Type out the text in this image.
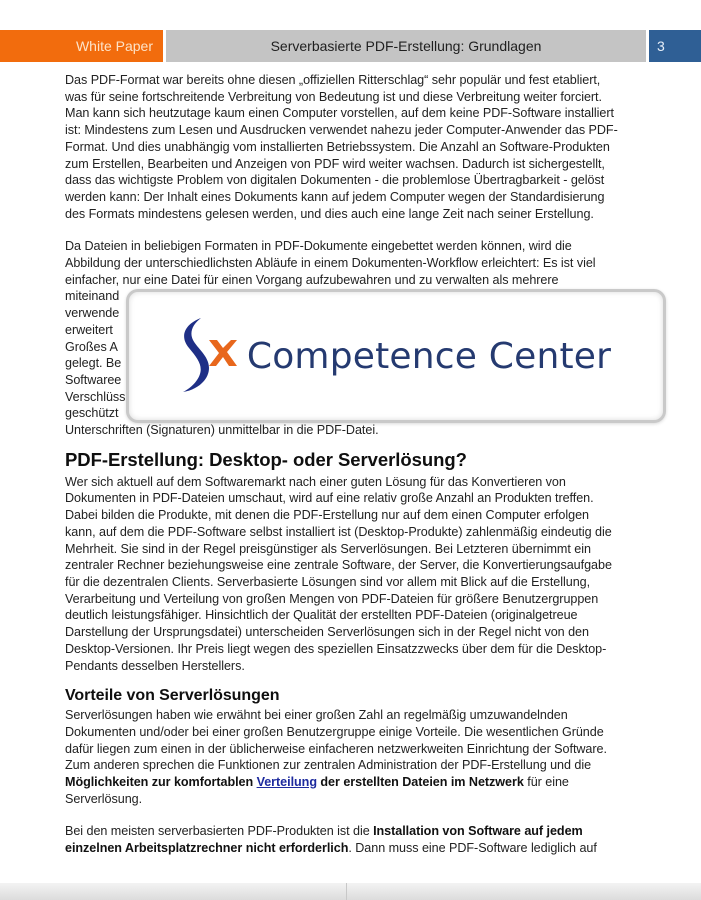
White Paper	Serverbasierte PDF-Erstellung: Grundlagen	3
Das PDF-Format war bereits ohne diesen „offiziellen Ritterschlag“ sehr populär und fest etabliert,
was für seine fortschreitende Verbreitung von Bedeutung ist und diese Verbreitung weiter forciert.
Man kann sich heutzutage kaum einen Computer vorstellen, auf dem keine PDF-Software installiert
ist: Mindestens zum Lesen und Ausdrucken verwendet nahezu jeder Computer-Anwender das PDF-
Format. Und dies unabhängig vom installierten Betriebssystem. Die Anzahl an Software-Produkten
zum Erstellen, Bearbeiten und Anzeigen von PDF wird weiter wachsen. Dadurch ist sichergestellt,
dass das wichtigste Problem von digitalen Dokumenten - die problemlose Übertragbarkeit - gelöst
werden kann: Der Inhalt eines Dokuments kann auf jedem Computer wegen der Standardisierung
des Formats mindestens gelesen werden, und dies auch eine lange Zeit nach seiner Erstellung.
Da Dateien in beliebigen Formaten in PDF-Dokumente eingebettet werden können, wird die
Abbildung der unterschiedlichsten Abläufe in einem Dokumenten-Workflow erleichtert: Es ist viel
einfacher, nur eine Datei für einen Vorgang aufzubewahren und zu verwalten als mehrere
miteinand
verwende
erweitert
Großes A
gelegt. Be
Softwaree
Verschlüss
geschützt
Unterschriften (Signaturen) unmittelbar in die PDF-Datei.
PDF-Erstellung: Desktop- oder Serverlösung?
Wer sich aktuell auf dem Softwaremarkt nach einer guten Lösung für das Konvertieren von
Dokumenten in PDF-Dateien umschaut, wird auf eine relativ große Anzahl an Produkten treffen.
Dabei bilden die Produkte, mit denen die PDF-Erstellung nur auf dem einen Computer erfolgen
kann, auf dem die PDF-Software selbst installiert ist (Desktop-Produkte) zahlenmäßig eindeutig die
Mehrheit. Sie sind in der Regel preisgünstiger als Serverlösungen. Bei Letzteren übernimmt ein
zentraler Rechner beziehungsweise eine zentrale Software, der Server, die Konvertierungsaufgabe
für die dezentralen Clients. Serverbasierte Lösungen sind vor allem mit Blick auf die Erstellung,
Verarbeitung und Verteilung von großen Mengen von PDF-Dateien für größere Benutzergruppen
deutlich leistungsfähiger. Hinsichtlich der Qualität der erstellten PDF-Dateien (originalgetreue
Darstellung der Ursprungsdatei) unterscheiden Serverlösungen sich in der Regel nicht von den
Desktop-Versionen. Ihr Preis liegt wegen des speziellen Einsatzzwecks über dem für die Desktop-
Pendants desselben Herstellers.
Vorteile von Serverlösungen
Serverlösungen haben wie erwähnt bei einer großen Zahl an regelmäßig umzuwandelnden
Dokumenten und/oder bei einer großen Benutzergruppe einige Vorteile. Die wesentlichen Gründe
dafür liegen zum einen in der üblicherweise einfacheren netzwerkweiten Einrichtung der Software.
Zum anderen sprechen die Funktionen zur zentralen Administration der PDF-Erstellung und die
Möglichkeiten zur komfortablen Verteilung der erstellten Dateien im Netzwerk für eine
Serverlösung.
Bei den meisten serverbasierten PDF-Produkten ist die Installation von Software auf jedem
einzelnen Arbeitsplatzrechner nicht erforderlich. Dann muss eine PDF-Software lediglich auf
Competence Center
